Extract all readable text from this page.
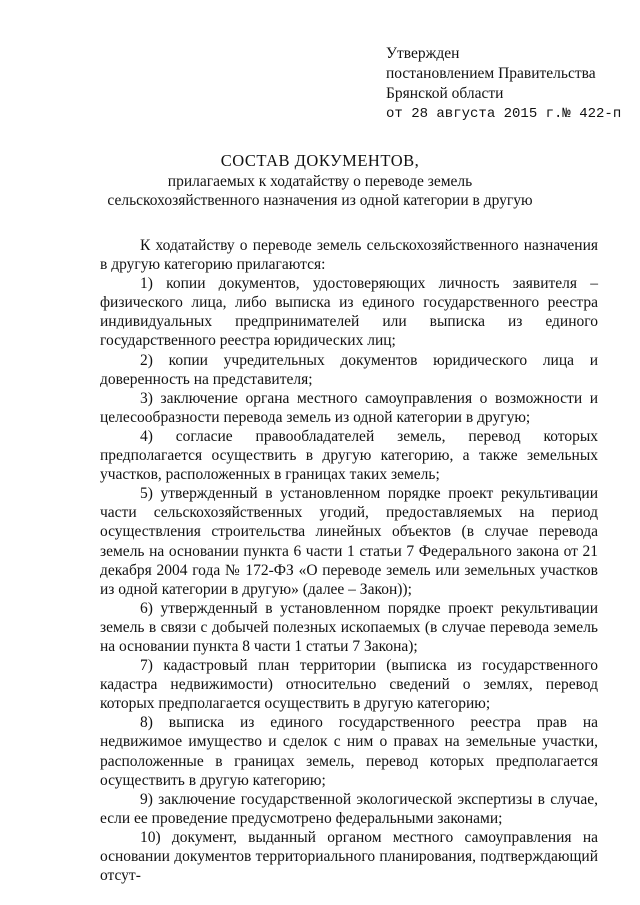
Утвержден
постановлением Правительства
Брянской области
от 28 августа 2015 г.№ 422-п
СОСТАВ ДОКУМЕНТОВ,
прилагаемых к ходатайству о переводе земель
сельскохозяйственного назначения из одной категории в другую

К ходатайству о переводе земель сельскохозяйственного назначения в другую категорию прилагаются:

1) копии документов, удостоверяющих личность заявителя – физического лица, либо выписка из единого государственного реестра индивидуальных предпринимателей или выписка из единого государственного реестра юридических лиц;

2) копии учредительных документов юридического лица и доверенность на представителя;

3) заключение органа местного самоуправления о возможности и целесообразности перевода земель из одной категории в другую;

4) согласие правообладателей земель, перевод которых предполагается осуществить в другую категорию, а также земельных участков, расположенных в границах таких земель;

5) утвержденный в установленном порядке проект рекультивации части сельскохозяйственных угодий, предоставляемых на период осуществления строительства линейных объектов (в случае перевода земель на основании пункта 6 части 1 статьи 7 Федерального закона от 21 декабря 2004 года № 172-ФЗ «О переводе земель или земельных участков из одной категории в другую» (далее – Закон));

6) утвержденный в установленном порядке проект рекультивации земель в связи с добычей полезных ископаемых (в случае перевода земель на основании пункта 8 части 1 статьи 7 Закона);

7) кадастровый план территории (выписка из государственного кадастра недвижимости) относительно сведений о землях, перевод которых предполагается осуществить в другую категорию;

8) выписка из единого государственного реестра прав на недвижимое имущество и сделок с ним о правах на земельные участки, расположенные в границах земель, перевод которых предполагается осуществить в другую категорию;

9) заключение государственной экологической экспертизы в случае, если ее проведение предусмотрено федеральными законами;

10) документ, выданный органом местного самоуправления на основании документов территориального планирования, подтверждающий отсут-
